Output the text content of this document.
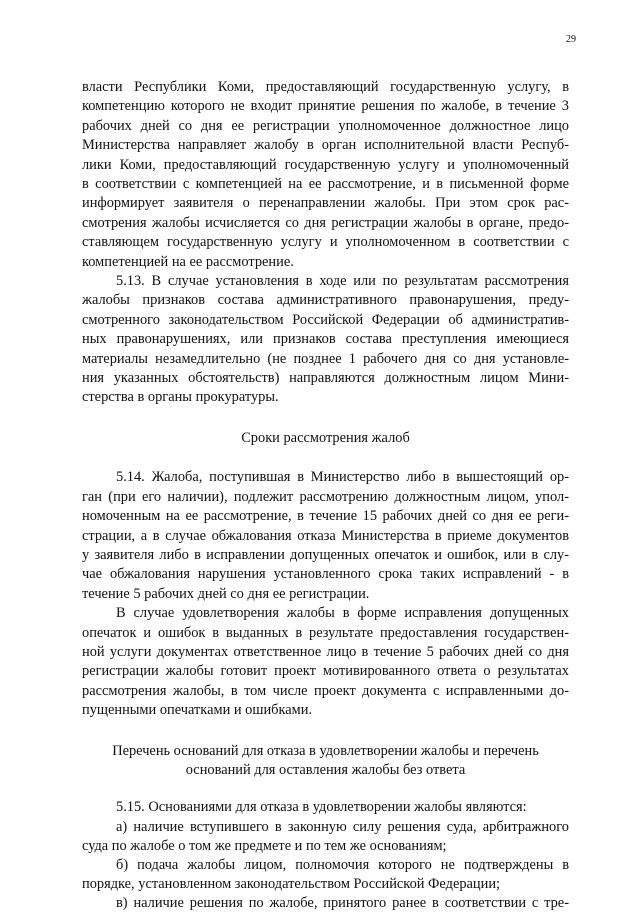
29
власти Республики Коми, предоставляющий государственную услугу, в
компетенцию которого не входит принятие решения по жалобе, в течение 3
рабочих дней со дня ее регистрации уполномоченное должностное лицо
Министерства направляет жалобу в орган исполнительной власти Респуб-
лики Коми, предоставляющий государственную услугу и уполномоченный
в соответствии с компетенцией на ее рассмотрение, и в письменной форме
информирует заявителя о перенаправлении жалобы. При этом срок рас-
смотрения жалобы исчисляется со дня регистрации жалобы в органе, предо-
ставляющем государственную услугу и уполномоченном в соответствии с
компетенцией на ее рассмотрение.
5.13. В случае установления в ходе или по результатам рассмотрения
жалобы признаков состава административного правонарушения, преду-
смотренного законодательством Российской Федерации об административ-
ных правонарушениях, или признаков состава преступления имеющиеся
материалы незамедлительно (не позднее 1 рабочего дня со дня установле-
ния указанных обстоятельств) направляются должностным лицом Мини-
стерства в органы прокуратуры.
Сроки рассмотрения жалоб
5.14. Жалоба, поступившая в Министерство либо в вышестоящий ор-
ган (при его наличии), подлежит рассмотрению должностным лицом, упол-
номоченным на ее рассмотрение, в течение 15 рабочих дней со дня ее реги-
страции, а в случае обжалования отказа Министерства в приеме документов
у заявителя либо в исправлении допущенных опечаток и ошибок, или в слу-
чае обжалования нарушения установленного срока таких исправлений - в
течение 5 рабочих дней со дня ее регистрации.
В случае удовлетворения жалобы в форме исправления допущенных
опечаток и ошибок в выданных в результате предоставления государствен-
ной услуги документах ответственное лицо в течение 5 рабочих дней со дня
регистрации жалобы готовит проект мотивированного ответа о результатах
рассмотрения жалобы, в том числе проект документа с исправленными до-
пущенными опечатками и ошибками.
Перечень оснований для отказа в удовлетворении жалобы и перечень
оснований для оставления жалобы без ответа
5.15. Основаниями для отказа в удовлетворении жалобы являются:
а) наличие вступившего в законную силу решения суда, арбитражного
суда по жалобе о том же предмете и по тем же основаниям;
б) подача жалобы лицом, полномочия которого не подтверждены в
порядке, установленном законодательством Российской Федерации;
в) наличие решения по жалобе, принятого ранее в соответствии с тре-
